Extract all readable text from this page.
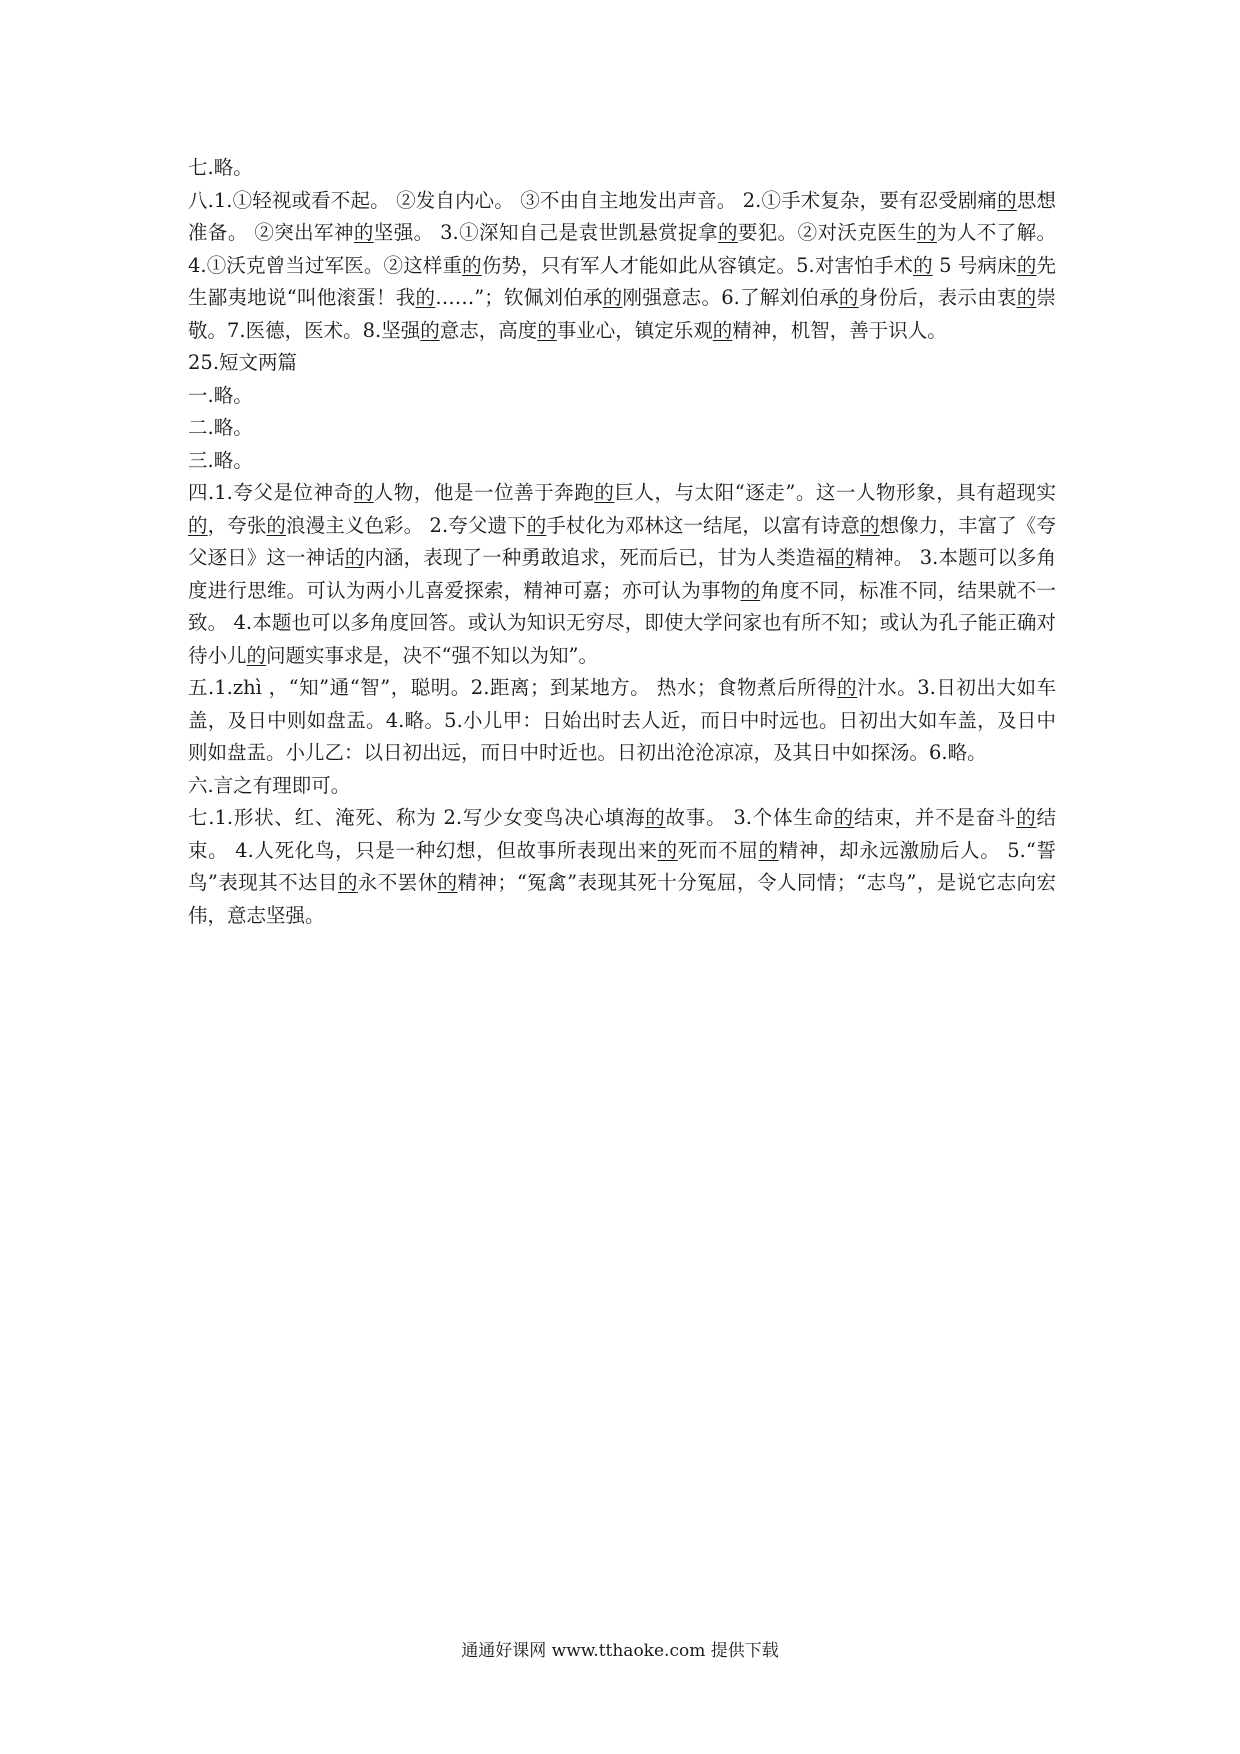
七.略。

八.1.①轻视或看不起。 ②发自内心。 ③不由自主地发出声音。 2.①手术复杂，要有忍受剧痛的思想准备。 ②突出军神的坚强。 3.①深知自己是袁世凯悬赏捉拿的要犯。②对沃克医生的为人不了解。 4.①沃克曾当过军医。②这样重的伤势，只有军人才能如此从容镇定。5.对害怕手术的 5 号病床的先生鄙夷地说“叫他滚蛋！我的……”；钦佩刘伯承的刚强意志。6.了解刘伯承的身份后，表示由衷的崇敬。7.医德，医术。8.坚强的意志，高度的事业心，镇定乐观的精神，机智，善于识人。

25.短文两篇

一.略。

二.略。

三.略。

四.1.夸父是位神奇的人物，他是一位善于奔跑的巨人，与太阳“逐走”。这一人物形象，具有超现实的，夸张的浪漫主义色彩。 2.夸父遗下的手杖化为邓林这一结尾，以富有诗意的想像力，丰富了《夸父逐日》这一神话的内涵，表现了一种勇敢追求，死而后已，甘为人类造福的精神。 3.本题可以多角度进行思维。可认为两小儿喜爱探索，精神可嘉；亦可认为事物的角度不同，标准不同，结果就不一致。 4.本题也可以多角度回答。或认为知识无穷尽，即使大学问家也有所不知；或认为孔子能正确对待小儿的问题实事求是，决不“强不知以为知”。

五.1.zhì ，“知”通“智”，聪明。2.距离；到某地方。 热水；食物煮后所得的汁水。3.日初出大如车盖，及日中则如盘盂。4.略。5.小儿甲：日始出时去人近，而日中时远也。日初出大如车盖，及日中则如盘盂。小儿乙：以日初出远，而日中时近也。日初出沧沧凉凉，及其日中如探汤。6.略。

六.言之有理即可。

七.1.形状、红、淹死、称为 2.写少女变鸟决心填海的故事。 3.个体生命的结束，并不是奋斗的结束。 4.人死化鸟，只是一种幻想，但故事所表现出来的死而不屈的精神，却永远激励后人。 5.“誓鸟”表现其不达目的永不罢休的精神；“冤禽”表现其死十分冤屈，令人同情；“志鸟”，是说它志向宏伟，意志坚强。

通通好课网 www.tthaoke.com 提供下载
